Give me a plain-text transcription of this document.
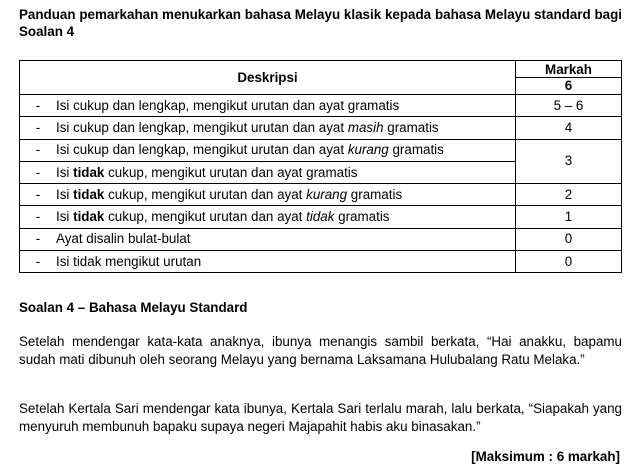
Panduan pemarkahan menukarkan bahasa Melayu klasik kepada bahasa Melayu standard bagi Soalan 4
Deskripsi	Markah
6

- Isi cukup dan lengkap, mengikut urutan dan ayat gramatis	5 – 6
- Isi cukup dan lengkap, mengikut urutan dan ayat masih gramatis	4
- Isi cukup dan lengkap, mengikut urutan dan ayat kurang gramatis	3
- Isi tidak cukup, mengikut urutan dan ayat gramatis	
- Isi tidak cukup, mengikut urutan dan ayat kurang gramatis	2
- Isi tidak cukup, mengikut urutan dan ayat tidak gramatis	1
- Ayat disalin bulat-bulat	0
- Isi tidak mengikut urutan	0
Soalan 4 – Bahasa Melayu Standard
Setelah mendengar kata-kata anaknya, ibunya menangis sambil berkata, “Hai anakku, bapamu sudah mati dibunuh oleh seorang Melayu yang bernama Laksamana Hulubalang Ratu Melaka.”
Setelah Kertala Sari mendengar kata ibunya, Kertala Sari terlalu marah, lalu berkata, “Siapakah yang menyuruh membunuh bapaku supaya negeri Majapahit habis aku binasakan.”
[Maksimum : 6 markah]
